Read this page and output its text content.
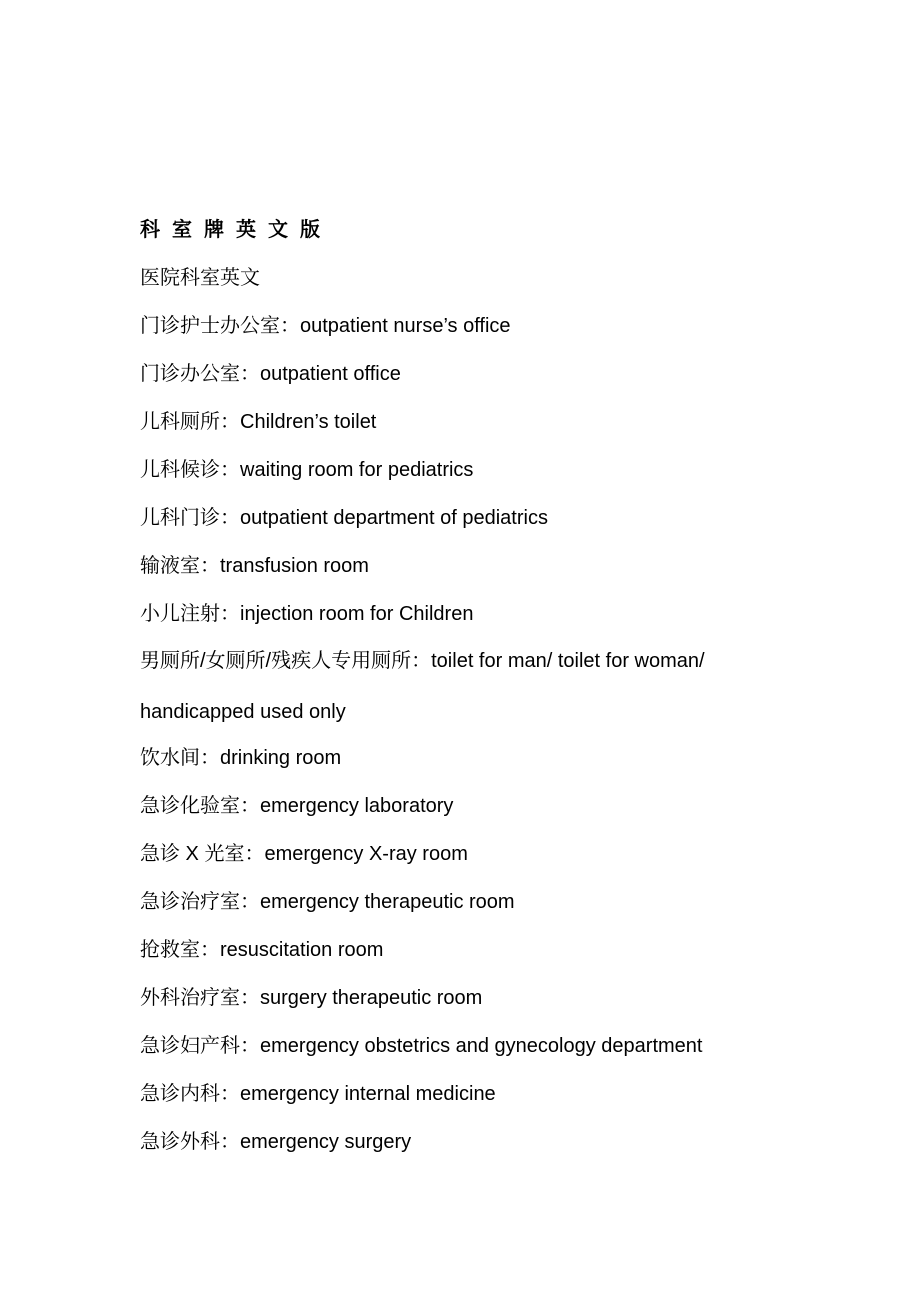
科室牌英文版
医院科室英文
门诊护士办公室：outpatient nurse’s office
门诊办公室：outpatient office
儿科厕所：Children’s toilet
儿科候诊：waiting room for pediatrics
儿科门诊：outpatient department of pediatrics
输液室：transfusion room
小儿注射：injection room for Children
男厕所/女厕所/残疾人专用厕所：toilet for man/ toilet for woman/ handicapped used only
饮水间：drinking room
急诊化验室：emergency laboratory
急诊 X 光室：emergency X-ray room
急诊治疗室：emergency therapeutic room
抢救室：resuscitation room
外科治疗室：surgery therapeutic room
急诊妇产科：emergency obstetrics and gynecology department
急诊内科：emergency internal medicine
急诊外科：emergency surgery
